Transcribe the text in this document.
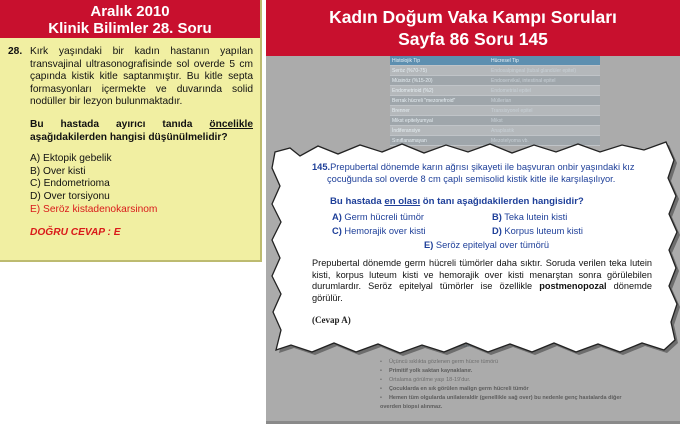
Aralık 2010
Klinik Bilimler 28. Soru
28. Kırk yaşındaki bir kadın hastanın yapılan transvajinal ultrasonografisinde sol overde 5 cm çapında kistik kitle saptanmıştır. Bu kitle septa formasyonları içermekte ve duvarında solid nodüller bir lezyon bulunmaktadır.
Bu hastada ayırıcı tanıda öncelikle aşağıdakilerden hangisi düşünülmelidir?
A) Ektopik gebelik
B) Over kisti
C) Endometrioma
D) Over torsiyonu
E) Seröz kistadenokarsinom
DOĞRU CEVAP : E
Kadın Doğum Vaka Kampı Soruları
Sayfa 86 Soru 145
Histolojik Tip	Hücresel Tip
Seröz (%70-75)	Endosalpingeal (tubal glandüler epitel)
Müsinöz (%15-20)	Endoservikal, intestinal epitel
Endometrioid (%2)	Endometrial epitel
Berrak hücreli "mezonefroid"	Müllerian
Brenner	Transisyonel epitel
Mikst epitelyumyal	Mikst
İndiferansiye	Anaplastik
Sınıflanamayan	Mezotelyoma vb.
• Üçüncü sıklıkta gözlenen germ hücre tümörü
• Primitif yolk saktan kaynaklanır.
• Ortalama görülme yaşı 18-19'dur.
• Çocuklarda en sık görülen malign germ hücreli tümör
• Hemen tüm olgularda unilateraldir (genellikle sağ over) bu nedenle genç hastalarda diğer overden biopsi alınmaz.
145.Prepubertal dönemde karın ağrısı şikayeti ile başvuran onbir yaşındaki kız
çocuğunda sol overde 8 cm çaplı semisolid kistik kitle ile karşılaşılıyor.
Bu hastada en olası ön tanı aşağıdakilerden hangisidir?
A) Germ hücreli tümör	B) Teka lutein kisti
C) Hemorajik over kisti	D) Korpus luteum kisti
E) Seröz epitelyal over tümörü
Prepubertal dönemde germ hücreli tümörler daha sıktır. Soruda verilen teka lutein kisti, korpus luteum kisti ve hemorajik over kisti menarştan sonra görülebilen durumlardır. Seröz epitelyal tümörler ise özellikle postmenopozal dönemde görülür.
(Cevap A)
